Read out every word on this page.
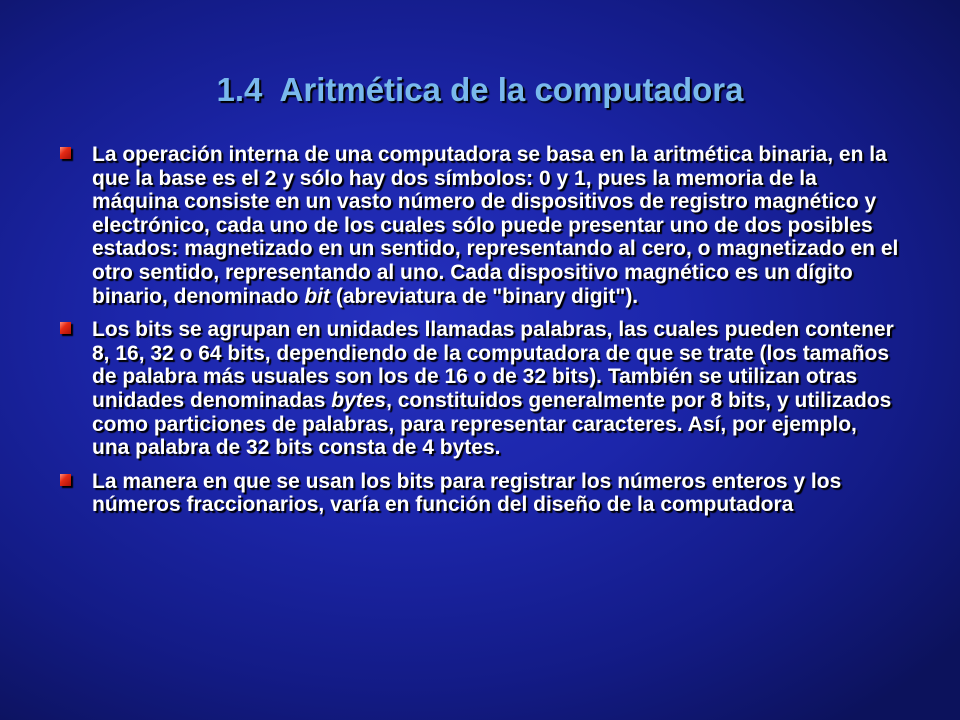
1.4  Aritmética de la computadora
La operación interna de una computadora se basa en la aritmética binaria, en la que la base es el 2 y sólo hay dos símbolos: 0 y 1, pues la memoria de la máquina consiste en un vasto número de dispositivos de registro magnético y electrónico, cada uno de los cuales sólo puede presentar uno de dos posibles estados: magnetizado en un sentido, representando al cero, o magnetizado en el otro sentido, representando al uno. Cada dispositivo magnético es un dígito binario, denominado bit (abreviatura de "binary digit").
Los bits se agrupan en unidades llamadas palabras, las cuales pueden contener 8, 16, 32 o 64 bits, dependiendo de la computadora de que se trate (los tamaños de palabra más usuales son los de 16 o de 32 bits). También se utilizan otras unidades denominadas bytes, constituidos generalmente por 8 bits, y utilizados como particiones de palabras, para representar caracteres. Así, por ejemplo, una palabra de 32 bits consta de 4 bytes.
La manera en que se usan los bits para registrar los números enteros y los números fraccionarios, varía en función del diseño de la computadora
